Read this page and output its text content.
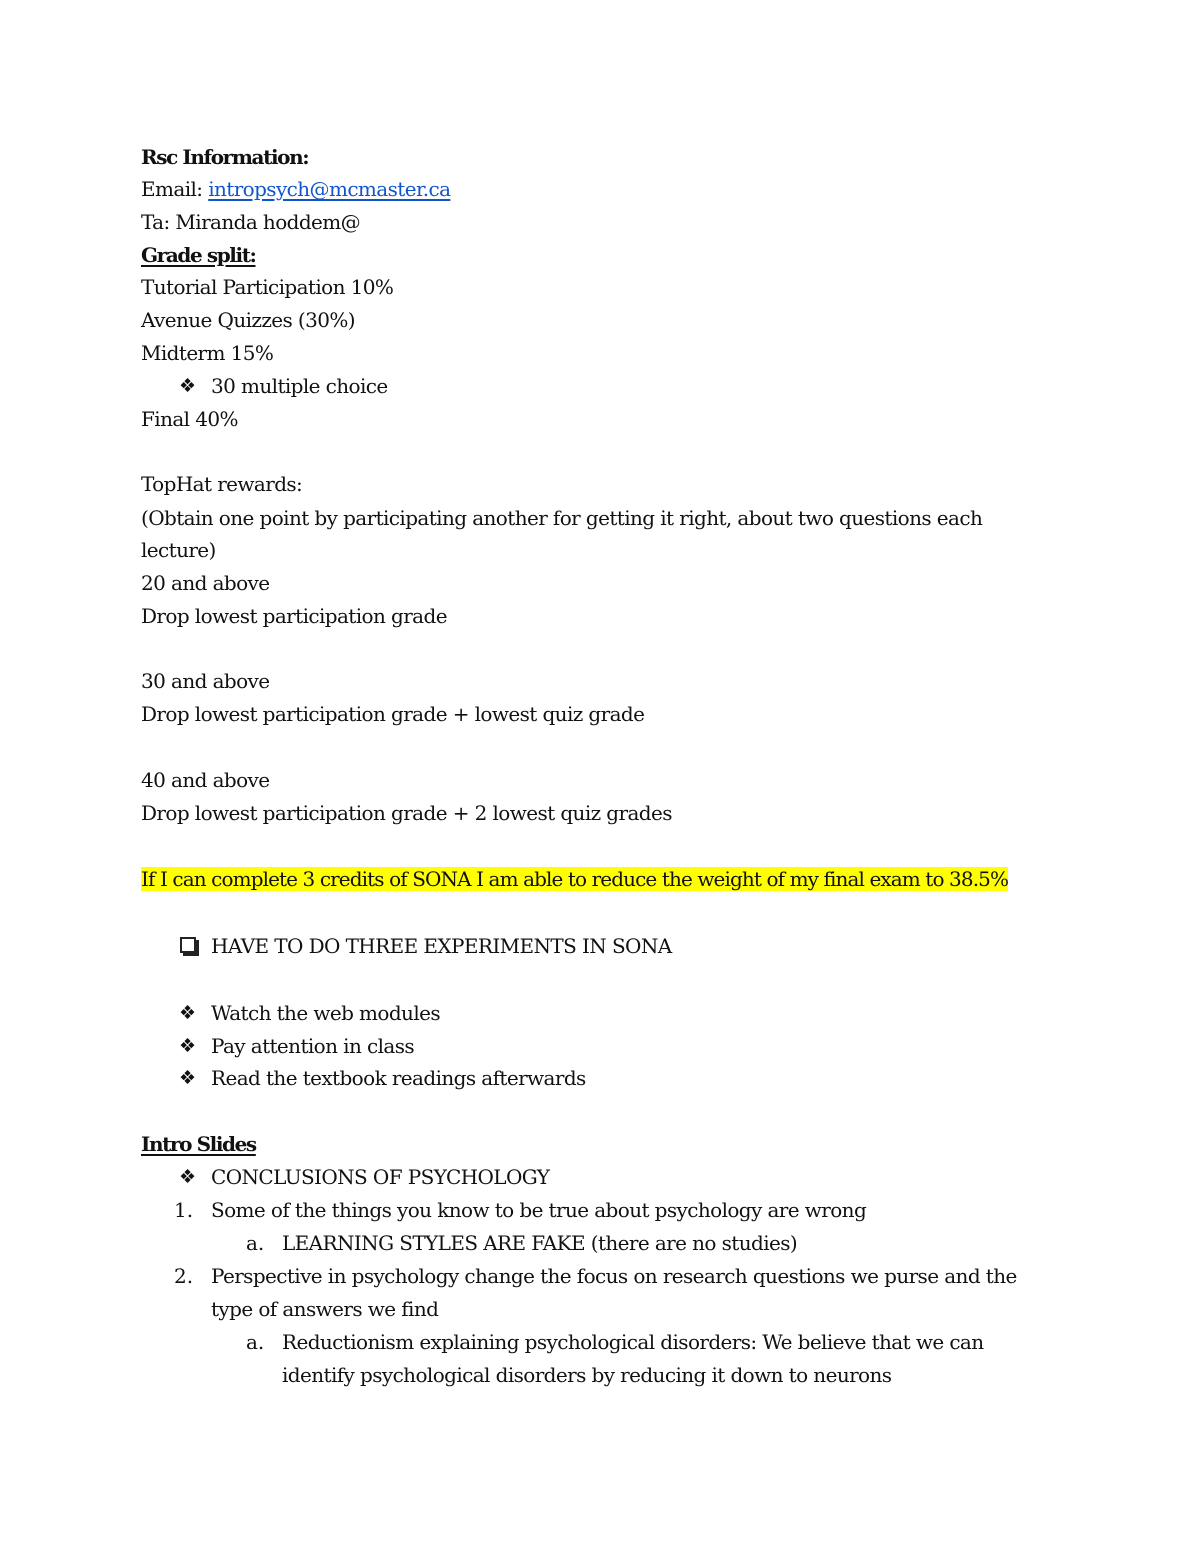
Rsc Information:
Email: intropsych@mcmaster.ca
Ta: Miranda hoddem@
Grade split:
Tutorial Participation 10%
Avenue Quizzes (30%)
Midterm 15%
❖ 30 multiple choice
Final 40%
TopHat rewards:
(Obtain one point by participating another for getting it right, about two questions each
lecture)
20 and above
Drop lowest participation grade
30 and above
Drop lowest participation grade + lowest quiz grade
40 and above
Drop lowest participation grade + 2 lowest quiz grades
If I can complete 3 credits of SONA I am able to reduce the weight of my final exam to 38.5%
HAVE TO DO THREE EXPERIMENTS IN SONA
❖ Watch the web modules
❖ Pay attention in class
❖ Read the textbook readings afterwards
Intro Slides
❖ CONCLUSIONS OF PSYCHOLOGY
1. Some of the things you know to be true about psychology are wrong
a. LEARNING STYLES ARE FAKE (there are no studies)
2. Perspective in psychology change the focus on research questions we purse and the
type of answers we find
a. Reductionism explaining psychological disorders: We believe that we can
identify psychological disorders by reducing it down to neurons
